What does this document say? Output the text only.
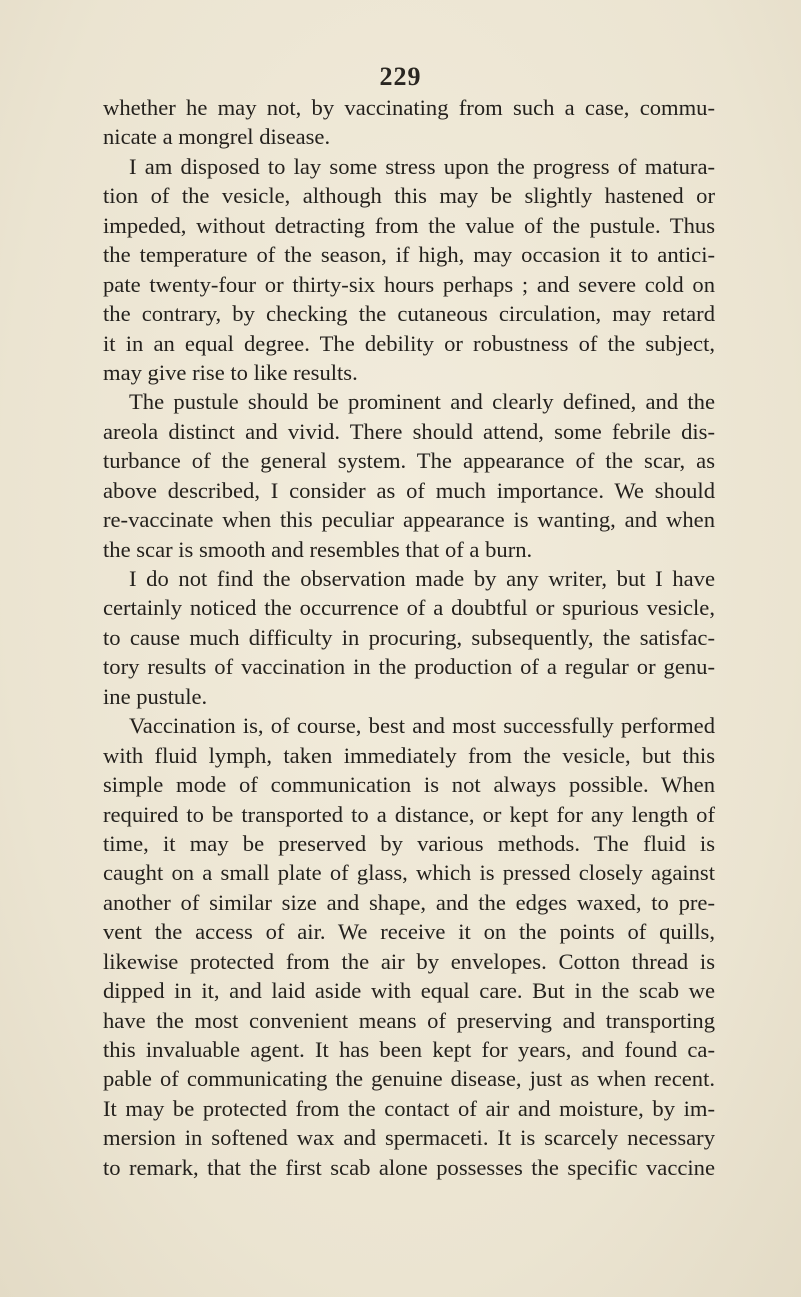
229
whether he may not, by vaccinating from such a case, commu-
nicate a mongrel disease.
I am disposed to lay some stress upon the progress of matura-
tion of the vesicle, although this may be slightly hastened or
impeded, without detracting from the value of the pustule. Thus
the temperature of the season, if high, may occasion it to antici-
pate twenty-four or thirty-six hours perhaps ; and severe cold on
the contrary, by checking the cutaneous circulation, may retard
it in an equal degree. The debility or robustness of the subject,
may give rise to like results.
The pustule should be prominent and clearly defined, and the
areola distinct and vivid. There should attend, some febrile dis-
turbance of the general system. The appearance of the scar, as
above described, I consider as of much importance. We should
re-vaccinate when this peculiar appearance is wanting, and when
the scar is smooth and resembles that of a burn.
I do not find the observation made by any writer, but I have
certainly noticed the occurrence of a doubtful or spurious vesicle,
to cause much difficulty in procuring, subsequently, the satisfac-
tory results of vaccination in the production of a regular or genu-
ine pustule.
Vaccination is, of course, best and most successfully performed
with fluid lymph, taken immediately from the vesicle, but this
simple mode of communication is not always possible. When
required to be transported to a distance, or kept for any length of
time, it may be preserved by various methods. The fluid is
caught on a small plate of glass, which is pressed closely against
another of similar size and shape, and the edges waxed, to pre-
vent the access of air. We receive it on the points of quills,
likewise protected from the air by envelopes. Cotton thread is
dipped in it, and laid aside with equal care. But in the scab we
have the most convenient means of preserving and transporting
this invaluable agent. It has been kept for years, and found ca-
pable of communicating the genuine disease, just as when recent.
It may be protected from the contact of air and moisture, by im-
mersion in softened wax and spermaceti. It is scarcely necessary
to remark, that the first scab alone possesses the specific vaccine
